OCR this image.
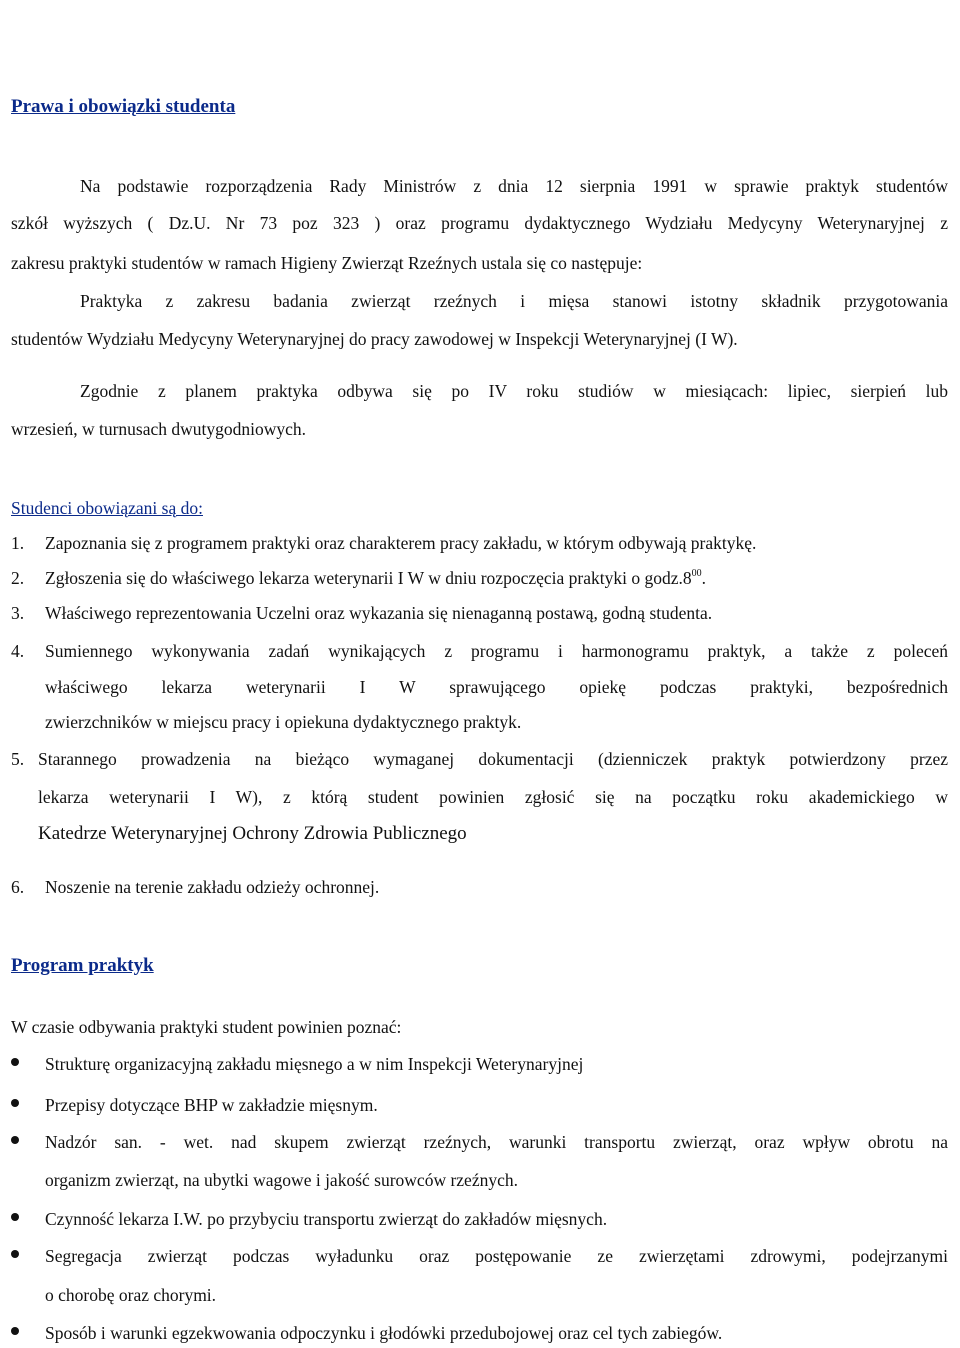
Prawa i obowiązki studenta
Na podstawie rozporządzenia Rady Ministrów z dnia 12 sierpnia 1991 w sprawie praktyk studentów
szkół wyższych ( Dz.U. Nr 73 poz 323 ) oraz programu dydaktycznego Wydziału Medycyny Weterynaryjnej z
zakresu praktyki studentów w ramach Higieny Zwierząt Rzeźnych ustala się co następuje:
Praktyka z zakresu badania zwierząt rzeźnych i mięsa stanowi istotny składnik przygotowania
studentów Wydziału Medycyny Weterynaryjnej do pracy zawodowej w Inspekcji Weterynaryjnej (I W).
Zgodnie z planem praktyka odbywa się po IV roku studiów w miesiącach: lipiec, sierpień lub
wrzesień, w turnusach dwutygodniowych.
Studenci obowiązani są do:
1. Zapoznania się z programem praktyki oraz charakterem pracy zakładu, w którym odbywają praktykę.
2. Zgłoszenia się do właściwego lekarza weterynarii I W w dniu rozpoczęcia praktyki o $godz.8^{00}$.
3. Właściwego reprezentowania Uczelni oraz wykazania się nienaganną postawą, godną studenta.
4. Sumiennego wykonywania zadań wynikających z programu i harmonogramu praktyk, a także z poleceń
właściwego lekarza weterynarii I W sprawującego opiekę podczas praktyki, bezpośrednich
zwierzchników w miejscu pracy i opiekuna dydaktycznego praktyk.
5. Starannego prowadzenia na bieżąco wymaganej dokumentacji (dzienniczek praktyk potwierdzony przez
lekarza weterynarii I W), z którą student powinien zgłosić się na początku roku akademickiego w
Katedrze Weterynaryjnej Ochrony Zdrowia Publicznego
6. Noszenie na terenie zakładu odzieży ochronnej.
Program praktyk
W czasie odbywania praktyki student powinien poznać:
Strukturę organizacyjną zakładu mięsnego a w nim Inspekcji Weterynaryjnej
Przepisy dotyczące BHP w zakładzie mięsnym.
Nadzór san. - wet. nad skupem zwierząt rzeźnych, warunki transportu zwierząt, oraz wpływ obrotu na
organizm zwierząt, na ubytki wagowe i jakość surowców rzeźnych.
Czynność lekarza I.W. po przybyciu transportu zwierząt do zakładów mięsnych.
Segregacja zwierząt podczas wyładunku oraz postępowanie ze zwierzętami zdrowymi, podejrzanymi
o chorobę oraz chorymi.
Sposób i warunki egzekwowania odpoczynku i głodówki przedubojowej oraz cel tych zabiegów.
